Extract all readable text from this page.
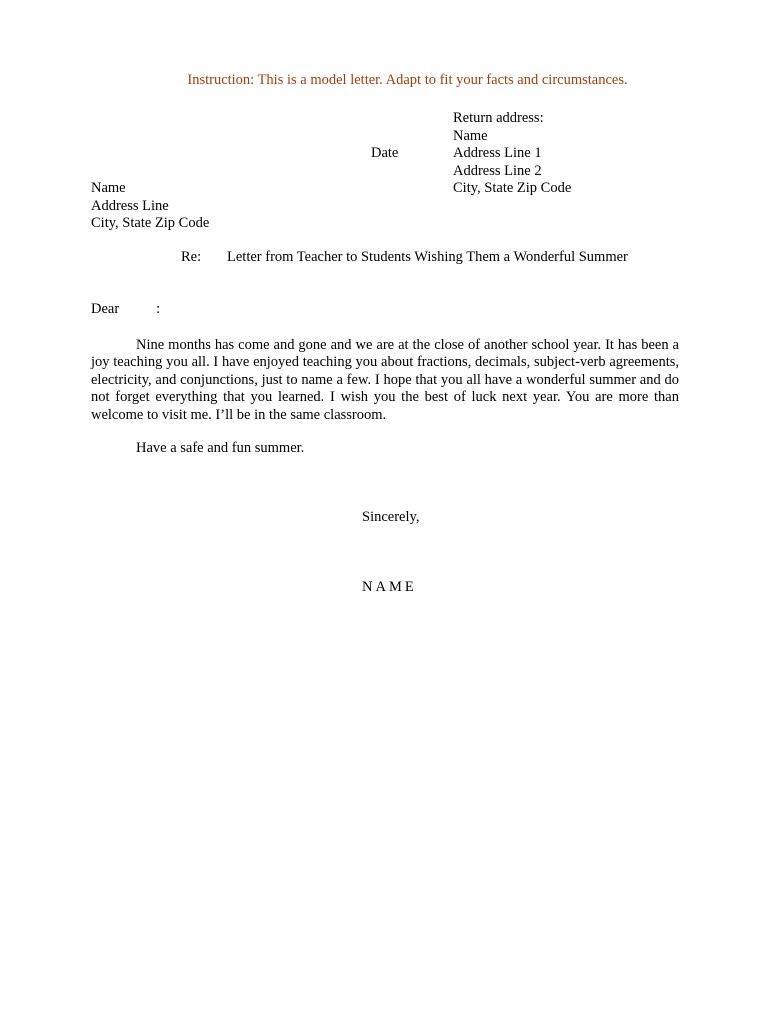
Instruction: This is a model letter. Adapt to fit your facts and circumstances.
Return address:
Name
Address Line 1
Address Line 2
City, State Zip Code
Date
Name
Address Line
City, State Zip Code
Re: Letter from Teacher to Students Wishing Them a Wonderful Summer
Dear	:
Nine months has come and gone and we are at the close of another school year. It has been a joy teaching you all. I have enjoyed teaching you about fractions, decimals, subject-verb agreements, electricity, and conjunctions, just to name a few. I hope that you all have a wonderful summer and do not forget everything that you learned. I wish you the best of luck next year. You are more than welcome to visit me. I’ll be in the same classroom.
Have a safe and fun summer.
Sincerely,
NAME
